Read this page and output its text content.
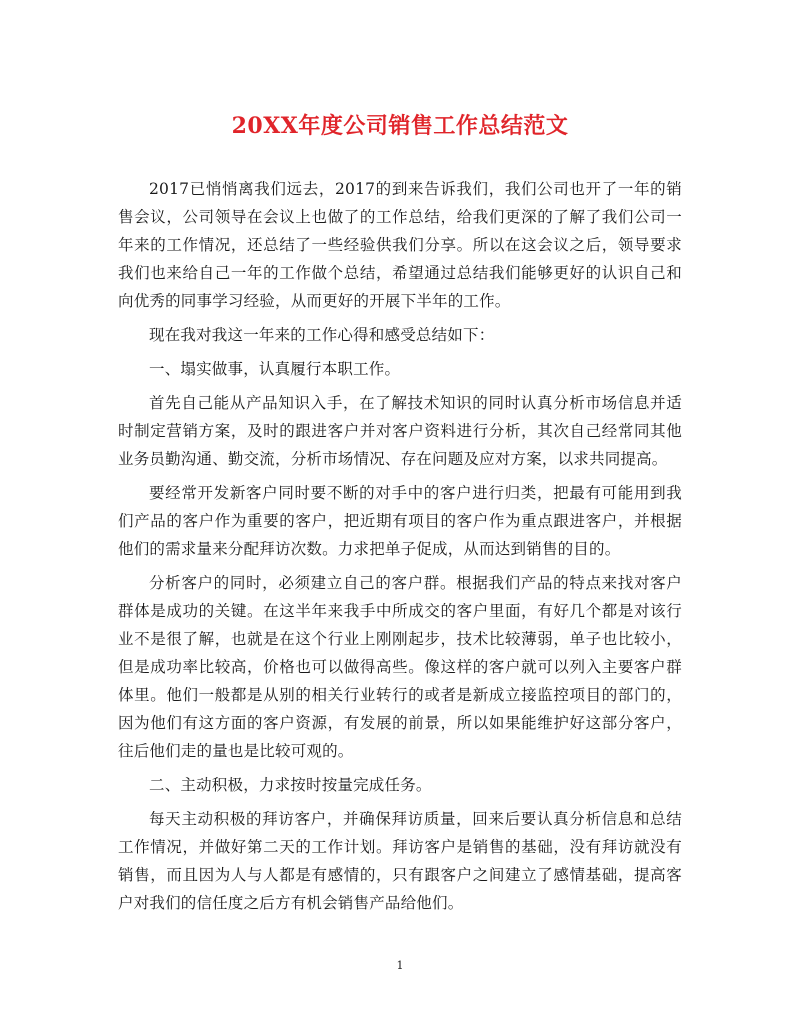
20XX年度公司销售工作总结范文

2017已悄悄离我们远去，2017的到来告诉我们，我们公司也开了一年的销售会议，公司领导在会议上也做了的工作总结，给我们更深的了解了我们公司一年来的工作情况，还总结了一些经验供我们分享。所以在这会议之后，领导要求我们也来给自己一年的工作做个总结，希望通过总结我们能够更好的认识自己和向优秀的同事学习经验，从而更好的开展下半年的工作。

现在我对我这一年来的工作心得和感受总结如下：

一、塌实做事，认真履行本职工作。

首先自己能从产品知识入手，在了解技术知识的同时认真分析市场信息并适时制定营销方案，及时的跟进客户并对客户资料进行分析，其次自己经常同其他业务员勤沟通、勤交流，分析市场情况、存在问题及应对方案，以求共同提高。

要经常开发新客户同时要不断的对手中的客户进行归类，把最有可能用到我们产品的客户作为重要的客户，把近期有项目的客户作为重点跟进客户，并根据他们的需求量来分配拜访次数。力求把单子促成，从而达到销售的目的。

分析客户的同时，必须建立自己的客户群。根据我们产品的特点来找对客户群体是成功的关键。在这半年来我手中所成交的客户里面，有好几个都是对该行业不是很了解，也就是在这个行业上刚刚起步，技术比较薄弱，单子也比较小，但是成功率比较高，价格也可以做得高些。像这样的客户就可以列入主要客户群体里。他们一般都是从别的相关行业转行的或者是新成立接监控项目的部门的，因为他们有这方面的客户资源，有发展的前景，所以如果能维护好这部分客户，往后他们走的量也是比较可观的。

二、主动积极，力求按时按量完成任务。

每天主动积极的拜访客户，并确保拜访质量，回来后要认真分析信息和总结工作情况，并做好第二天的工作计划。拜访客户是销售的基础，没有拜访就没有销售，而且因为人与人都是有感情的，只有跟客户之间建立了感情基础，提高客户对我们的信任度之后方有机会销售产品给他们。

1
